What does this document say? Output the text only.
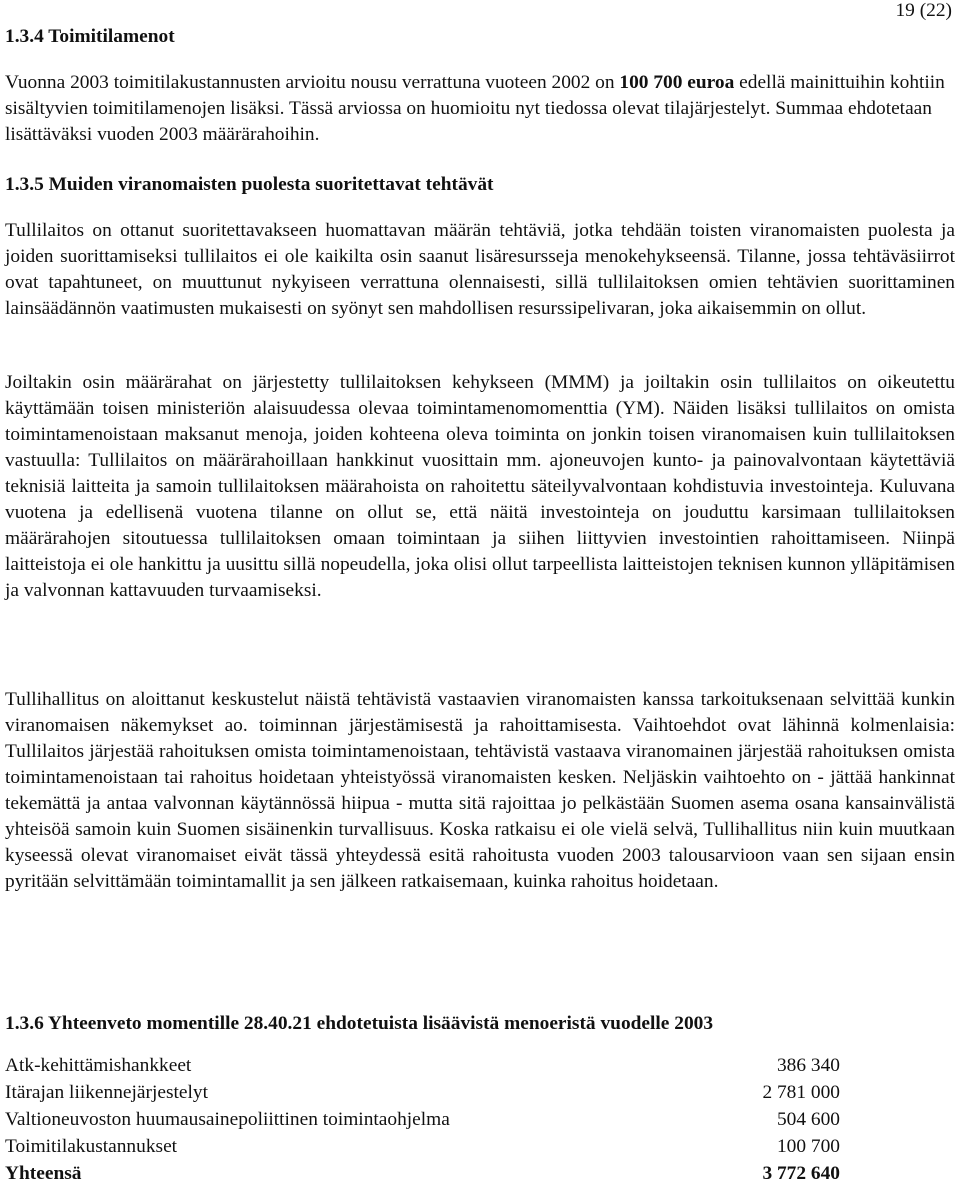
19 (22)
1.3.4 Toimitilamenot

Vuonna 2003 toimitilakustannusten arvioitu nousu verrattuna vuoteen 2002 on 100 700 euroa edellä mainittuihin kohtiin sisältyvien toimitilamenojen lisäksi. Tässä arviossa on huomioitu nyt tiedossa olevat tilajärjestelyt. Summaa ehdotetaan lisättäväksi vuoden 2003 määrärahoihin.

1.3.5 Muiden viranomaisten puolesta suoritettavat tehtävät

Tullilaitos on ottanut suoritettavakseen huomattavan määrän tehtäviä, jotka tehdään toisten viranomaisten puolesta ja joiden suorittamiseksi tullilaitos ei ole kaikilta osin saanut lisäresursseja menokehykseensä. Tilanne, jossa tehtäväsiirrot ovat tapahtuneet, on muuttunut nykyiseen verrattuna olennaisesti, sillä tullilaitoksen omien tehtävien suorittaminen lainsäädännön vaatimusten mukaisesti on syönyt sen mahdollisen resurssipelivaran, joka aikaisemmin on ollut.

Joiltakin osin määrärahat on järjestetty tullilaitoksen kehykseen (MMM) ja joiltakin osin tullilaitos on oikeutettu käyttämään toisen ministeriön alaisuudessa olevaa toimintamenomomenttia (YM). Näiden lisäksi tullilaitos on omista toimintamenoistaan maksanut menoja, joiden kohteena oleva toiminta on jonkin toisen viranomaisen kuin tullilaitoksen vastuulla: Tullilaitos on määrärahoillaan hankkinut vuosittain mm. ajoneuvojen kunto- ja painovalvontaan käytettäviä teknisiä laitteita ja samoin tullilaitoksen määrahoista on rahoitettu säteilyvalvontaan kohdistuvia investointeja. Kuluvana vuotena ja edellisenä vuotena tilanne on ollut se, että näitä investointeja on jouduttu karsimaan tullilaitoksen määrärahojen sitoutuessa tullilaitoksen omaan toimintaan ja siihen liittyvien investointien rahoittamiseen. Niinpä laitteistoja ei ole hankittu ja uusittu sillä nopeudella, joka olisi ollut tarpeellista laitteistojen teknisen kunnon ylläpitämisen ja valvonnan kattavuuden turvaamiseksi.

Tullihallitus on aloittanut keskustelut näistä tehtävistä vastaavien viranomaisten kanssa tarkoituksenaan selvittää kunkin viranomaisen näkemykset ao. toiminnan järjestämisestä ja rahoittamisesta. Vaihtoehdot ovat lähinnä kolmenlaisia: Tullilaitos järjestää rahoituksen omista toimintamenoistaan, tehtävistä vastaava viranomainen järjestää rahoituksen omista toimintamenoistaan tai rahoitus hoidetaan yhteistyössä viranomaisten kesken. Neljäskin vaihtoehto on - jättää hankinnat tekemättä ja antaa valvonnan käytännössä hiipua - mutta sitä rajoittaa jo pelkästään Suomen asema osana kansainvälistä yhteisöä samoin kuin Suomen sisäinenkin turvallisuus. Koska ratkaisu ei ole vielä selvä, Tullihallitus niin kuin muutkaan kyseessä olevat viranomaiset eivät tässä yhteydessä esitä rahoitusta vuoden 2003 talousarvioon vaan sen sijaan ensin pyritään selvittämään toimintamallit ja sen jälkeen ratkaisemaan, kuinka rahoitus hoidetaan.

1.3.6 Yhteenveto momentille 28.40.21 ehdotetuista lisäävistä menoeristä vuodelle 2003
Atk-kehittämishankkeet	386 340
Itärajan liikennejärjestelyt	2 781 000
Valtioneuvoston huumausainepoliittinen toimintaohjelma	504 600
Toimitilakustannukset	100 700
Yhteensä	3 772 640
